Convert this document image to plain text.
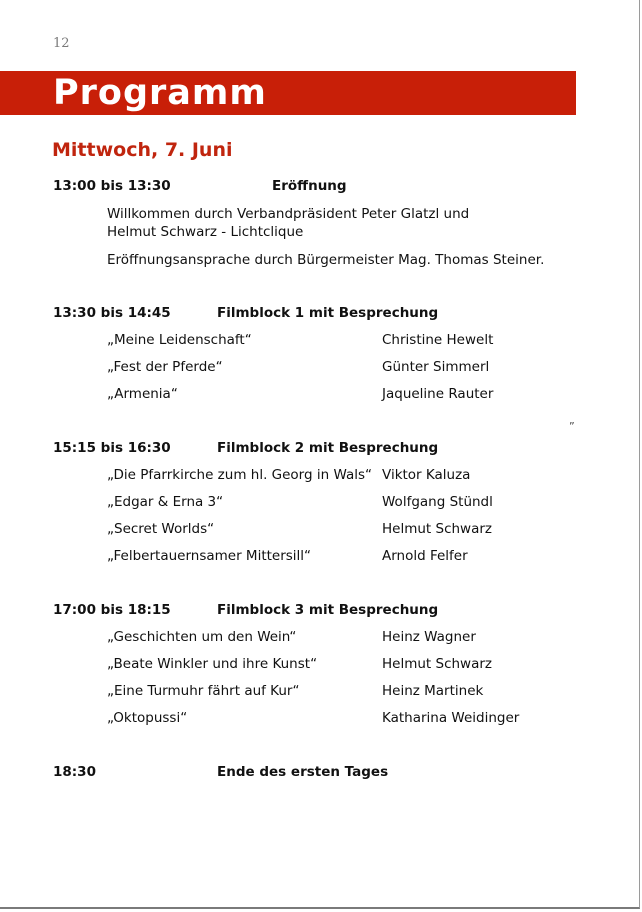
12
Programm
Mittwoch, 7. Juni
13:00 bis 13:30	Eröffnung
Willkommen durch Verbandpräsident Peter Glatzl und
Helmut Schwarz - Lichtclique
Eröffnungsansprache durch Bürgermeister Mag. Thomas Steiner.
13:30 bis 14:45	Filmblock 1 mit Besprechung
„Meine Leidenschaft“	Christine Hewelt
„Fest der Pferde“	Günter Simmerl
„Armenia“	Jaqueline Rauter
”
15:15 bis 16:30	Filmblock 2 mit Besprechung
„Die Pfarrkirche zum hl. Georg in Wals“ Viktor Kaluza
„Edgar & Erna 3“	Wolfgang Stündl
„Secret Worlds“	Helmut Schwarz
„Felbertauernsamer Mittersill“	Arnold Felfer
17:00 bis 18:15	Filmblock 3 mit Besprechung
„Geschichten um den Wein“	Heinz Wagner
„Beate Winkler und ihre Kunst“	Helmut Schwarz
„Eine Turmuhr fährt auf Kur“	Heinz Martinek
„Oktopussi“	Katharina Weidinger
18:30	Ende des ersten Tages
